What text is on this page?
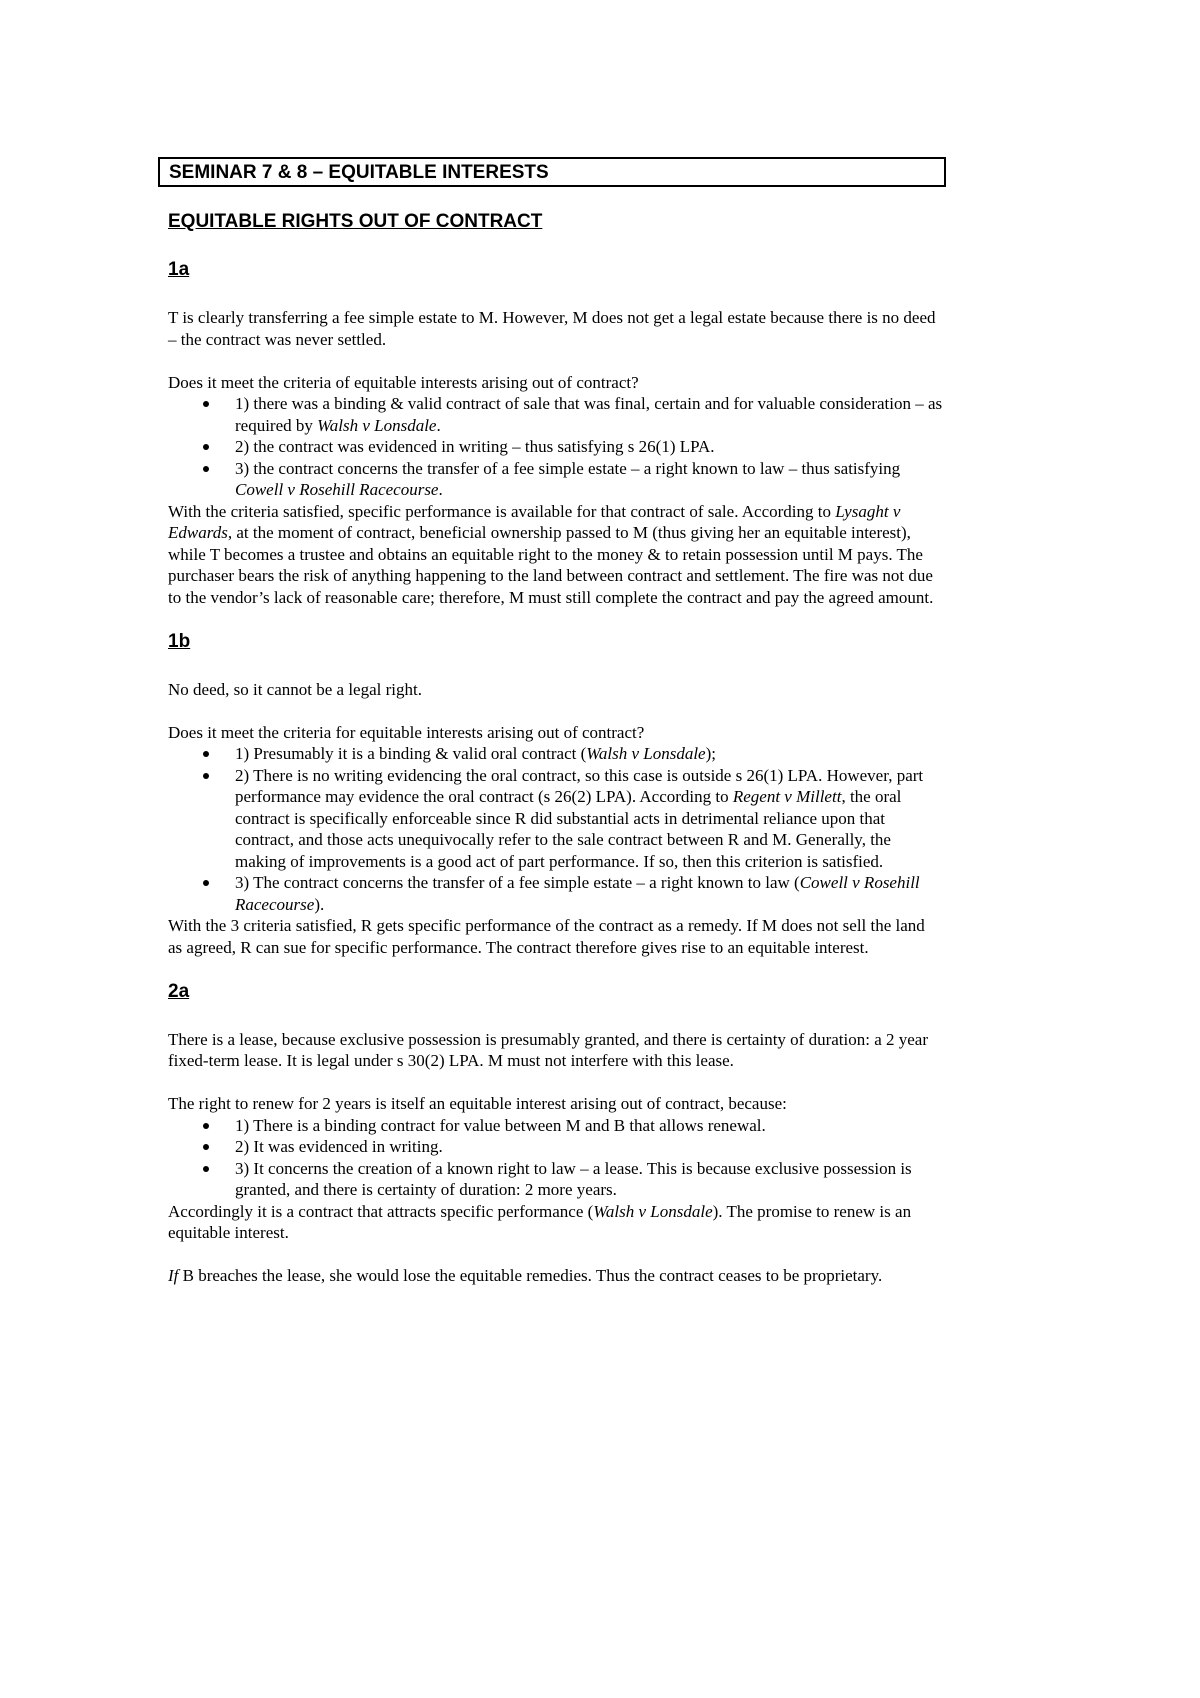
SEMINAR 7 & 8 – EQUITABLE INTERESTS
EQUITABLE RIGHTS OUT OF CONTRACT
1a

T is clearly transferring a fee simple estate to M. However, M does not get a legal estate because there is no deed – the contract was never settled.

Does it meet the criteria of equitable interests arising out of contract?

1) there was a binding & valid contract of sale that was final, certain and for valuable consideration – as required by Walsh v Lonsdale.
2) the contract was evidenced in writing – thus satisfying s 26(1) LPA.
3) the contract concerns the transfer of a fee simple estate – a right known to law – thus satisfying Cowell v Rosehill Racecourse.

With the criteria satisfied, specific performance is available for that contract of sale. According to Lysaght v Edwards, at the moment of contract, beneficial ownership passed to M (thus giving her an equitable interest), while T becomes a trustee and obtains an equitable right to the money & to retain possession until M pays. The purchaser bears the risk of anything happening to the land between contract and settlement. The fire was not due to the vendor’s lack of reasonable care; therefore, M must still complete the contract and pay the agreed amount.

1b

No deed, so it cannot be a legal right.

Does it meet the criteria for equitable interests arising out of contract?

1) Presumably it is a binding & valid oral contract (Walsh v Lonsdale);
2) There is no writing evidencing the oral contract, so this case is outside s 26(1) LPA. However, part performance may evidence the oral contract (s 26(2) LPA). According to Regent v Millett, the oral contract is specifically enforceable since R did substantial acts in detrimental reliance upon that contract, and those acts unequivocally refer to the sale contract between R and M. Generally, the making of improvements is a good act of part performance. If so, then this criterion is satisfied.
3) The contract concerns the transfer of a fee simple estate – a right known to law (Cowell v Rosehill Racecourse).

With the 3 criteria satisfied, R gets specific performance of the contract as a remedy. If M does not sell the land as agreed, R can sue for specific performance. The contract therefore gives rise to an equitable interest.

2a

There is a lease, because exclusive possession is presumably granted, and there is certainty of duration: a 2 year fixed-term lease. It is legal under s 30(2) LPA. M must not interfere with this lease.

The right to renew for 2 years is itself an equitable interest arising out of contract, because:

1) There is a binding contract for value between M and B that allows renewal.
2) It was evidenced in writing.
3) It concerns the creation of a known right to law – a lease. This is because exclusive possession is granted, and there is certainty of duration: 2 more years.

Accordingly it is a contract that attracts specific performance (Walsh v Lonsdale). The promise to renew is an equitable interest.

If B breaches the lease, she would lose the equitable remedies. Thus the contract ceases to be proprietary.
